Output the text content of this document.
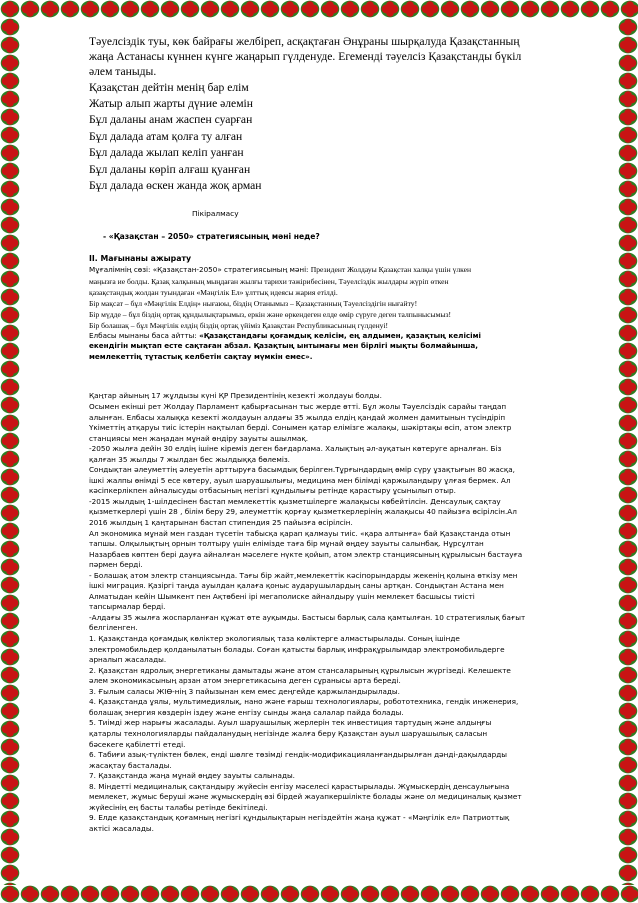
Тәуелсіздік туы, көк байрағы желбіреп, асқақтаған Әнұраны шырқалуда Қазақстанның

жаңа Астанасы күннен күнге жаңарып гүлденуде. Егеменді тәуелсіз Қазақстанды бүкіл

әлем таныды.

Қазақстан дейтін менің бар елім
Жатыр алып жарты дүние әлемін
Бұл даланы анам жаспен суарған
Бұл далада атам қолға ту алған
Бұл далада жылап келіп уанған
Бұл даланы көріп алғаш қуанған
Бұл далада өскен жанда жоқ арман
Пікіралмасу
- «Қазақстан – 2050» стратегиясының мәні неде?
II. Мағынаны ажырату
Мұғалімнің сөзі: «Қазақстан-2050» стратегиясының мәні: Президент Жолдауы Қазақстан халқы үшін үлкен
маңызға ие болды. Қазақ халқының мыңдаған жылғы тарихи тәжірибесінен, Тәуелсіздік жылдары жүріп өткен
қазақстандық жолдан туындаған «Мәңгілік Ел» ұлттық идеясы жария етілді.
Бір мақсат – бұл «Мәңгілік Елдің» нығаюы, біздің Отанымыз – Қазақстанның Тәуелсіздігін нығайту!
Бір мүдде – бұл біздің ортақ құндылықтарымыз, еркін және өркендеген елде өмір сүруге деген талпынысымыз!
Бір болашақ – бұл Мәңгілік елдің біздің ортақ үйіміз Қазақстан Республикасының гүлденуі!
Елбасы мынаны баса айтты: «Қазақстандағы қоғамдық келісім, ең алдымен, қазақтың келісімі
екендігін мықтап есте сақтаған абзал. Қазақтың ынтымағы мен бірлігі мықты болмайынша,
мемлекеттің тұтастық келбетін сақтау мүмкін емес».

Қаңтар айының 17 жұлдызы күні ҚР Президентінің кезекті жолдауы болды.

Осымен екінші рет Жолдау Парламент қабырғасынан тыс жерде өтті. Бұл жолы Тәуелсіздік сарайы таңдап

алынған. Елбасы халыққа кезекті жолдауын алдағы 35 жылда елдің қандай жолмен дамитынын түсіндіріп

Үкіметтің атқаруы тиіс істерін нақтылап берді. Сонымен қатар елімізге жалақы, шәкіртақы өсіп, атом электр

станциясы мен жаңадан мұнай өндіру зауыты ашылмақ.

-2050 жылға дейін 30 елдің ішіне кіреміз деген бағдарлама. Халықтың әл-ауқатын көтеруге арналған. Біз

қалған 35 жылды 7 жылдан бес жылдыққа бөлеміз.

Сондықтан әлеуметтің әлеуетін арттыруға басымдық берілген.Тұрғындардың өмір сүру ұзақтығын 80 жасқа,

ішкі жалпы өнімді 5 есе көтеру, ауыл шаруашылығы, медицина мен білімді қаржыландыру ұлғая бермек. Ал

кәсіпкерлікпен айналысуды отбасының негізгі құндылығы ретінде қарастыру ұсынылып отыр.

-2015 жылдың 1-шілдесінен бастап мемлекеттік қызметшілерге жалақысы көбейтілсін. Денсаулық сақтау

қызметкерлері үшін 28 , білім беру 29, әлеуметтік қорғау қызметкерлерінің жалақысы 40 пайызға өсірілсін.Ал

2016 жылдың 1 қаңтарынан бастап стипендия 25 пайызға өсірілсін.

Ал экономика мұнай мен газдан түсетін табысқа қарап қалмауы тиіс. «қара алтынға» бай Қазақстанда отын

тапшы. Олқылықтың орнын толтыру үшін елімізде таға бір мұнай өңдеу зауыты салынбақ. Нұрсұлтан

Назарбаев көптен бері дауға айналған мәселеге нүкте қойып, атом электр станциясының құрылысын бастауға

пәрмен берді.

- Болашақ атом электр станциясында. Тағы бір жайт,мемлекеттік кәсіпорындарды жекенің қолына өткізу мен

ішкі миграция. Қазіргі таңда ауылдан қалаға қоныс аударушылардың саны артқан. Сондықтан Астана мен

Алматыдан кейін Шымкент пен Ақтөбені ірі мегаполиске айналдыру үшін мемлекет басшысы тиісті

тапсырмалар берді.

-Алдағы 35 жылға жоспарланған құжат өте ауқымды. Бастысы барлық сала қамтылған. 10 стратегиялық бағыт

белгіленген.

1. Қазақстанда қоғамдық көліктер экологиялық таза көліктерге алмастырылады. Соның ішінде

электромобильдер қолданылатын болады. Соған қатысты барлық инфрақұрылымдар электромобильдерге

арналып жасалады.

2. Қазақстан ядролық энергетиканы дамытады және атом стансаларының құрылысын жүргізеді. Келешекте

әлем экономикасының арзан атом энергетикасына деген сұранысы арта береді.

3. Ғылым саласы ЖІӨ-нің 3 пайызынан кем емес деңгейде қаржыландырылады.

4. Қазақстанда ұялы, мультимедиялық, нано және ғарыш технологиялары, робототехника, гендік инженерия,

болашақ энергия көздерін іздеу және енгізу сынды жаңа салалар пайда болады.

5. Тиімді жер нарығы жасалады. Ауыл шаруашылық жерлерін тек инвестиция тартудың және алдыңғы

қатарлы технологияларды пайдаланудың негізінде жалға беру Қазақстан ауыл шаруашылық саласын

бәсекеге қабілетті етеді.

6. Табиғи азық-түліктен бөлек, енді шөлге төзімді гендік-модификацияланғандырылған дәнді-дақылдарды

жасақтау басталады.

7. Қазақстанда жаңа мұнай өңдеу зауыты салынады.

8. Міндетті медициналық сақтандыру жүйесін енгізу мәселесі қарастырылады. Жұмыскердің денсаулығына

мемлекет, жұмыс беруші және жұмыскердің өзі бірдей жауапкершілікте болады және ол медициналық қызмет

жүйесінің ең басты талабы ретінде бекітіледі.

9. Елде қазақстандық қоғамның негізгі құндылықтарын негіздейтін жаңа құжат - «Мәңгілік ел» Патриоттық

актісі жасалады.
